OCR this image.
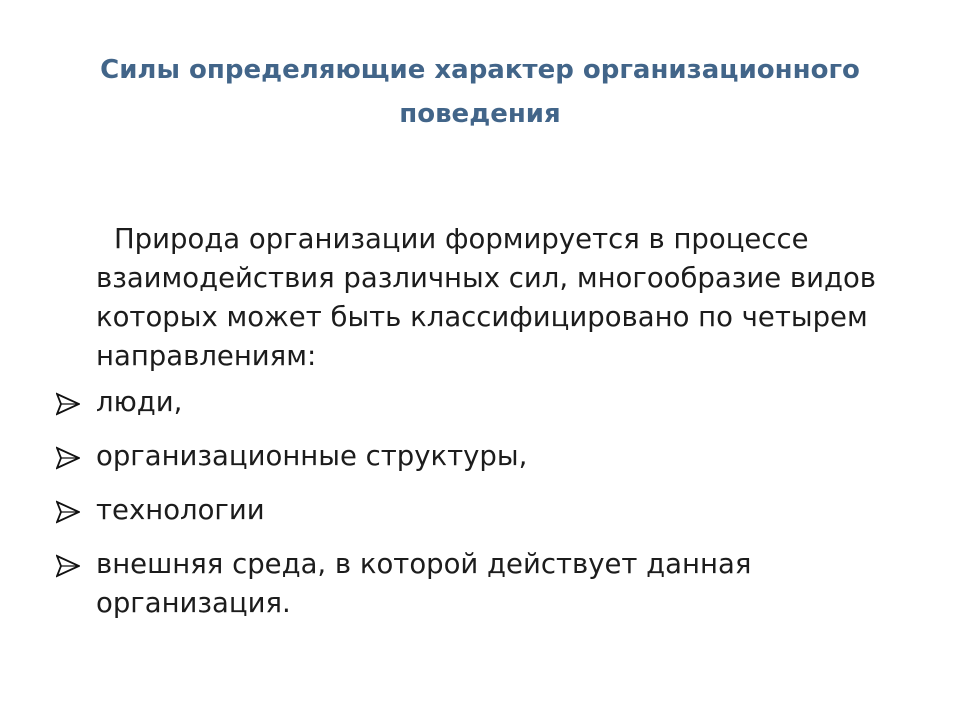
Силы определяющие характер организационного поведения

Природа организации формируется в процессе взаимодействия различных сил, многообразие видов которых может быть классифицировано по четырем направлениям:

люди,
организационные структуры,
технологии
внешняя среда, в которой действует данная организация.
